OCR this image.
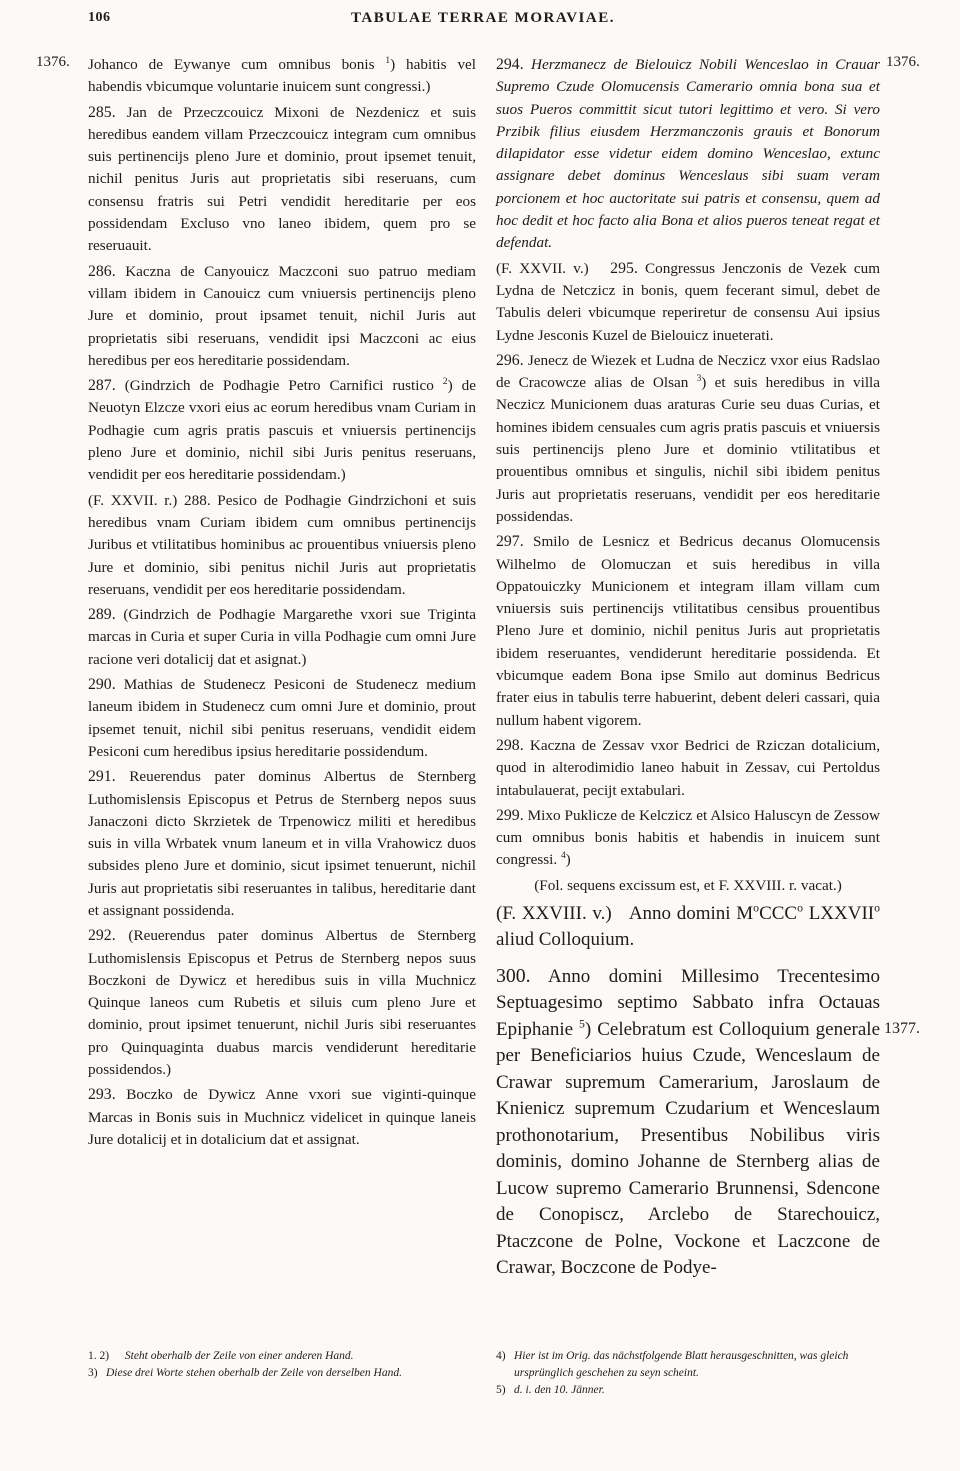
106	TABULAE TERRAE MORAVIAE.
1376.	1376.
1377.

Johanco de Eywanye cum omnibus bonis $^1$) habitis vel habendis vbicumque voluntarie inuicem sunt congressi.)

285. Jan de Przeczcouicz Mixoni de Nezdenicz et suis heredibus eandem villam Przeczcouicz integram cum omnibus suis pertinencijs pleno Jure et dominio, prout ipsemet tenuit, nichil penitus Juris aut proprietatis sibi reseruans, cum consensu fratris sui Petri vendidit hereditarie per eos possidendam Exclusо vno laneo ibidem, quem pro se reseruauit.

286. Kaczna de Canyouicz Maczconi suo patruo mediam villam ibidem in Canouicz cum vniuersis pertinencijs pleno Jure et dominio, prout ipsamet tenuit, nichil Juris aut proprietatis sibi reseruans, vendidit ipsi Maczconi ac eius heredibus per eos hereditarie possidendam.

287. (Gindrzich de Podhagie Petro Carnifici rustico $^2$) de Neuotyn Elzcze vxori eius ac eorum heredibus vnam Curiam in Podhagie cum agris pratis pascuis et vniuersis pertinencijs pleno Jure et dominio, nichil sibi Juris penitus reseruans, vendidit per eos hereditarie possidendam.)

(F. XXVII. r.) 288. Pesico de Podhagie Gindrzichoni et suis heredibus vnam Curiam ibidem cum omnibus pertinencijs Juribus et vtilitatibus hominibus ac prouentibus vniuersis pleno Jure et dominio, sibi penitus nichil Juris aut proprietatis reseruans, vendidit per eos hereditarie possidendam.

289. (Gindrzich de Podhagie Margarethe vxori sue Triginta marcas in Curia et super Curia in villa Podhagie cum omni Jure racione veri dotalicij dat et asignat.)

290. Mathias de Studenecz Pesiconi de Studenecz medium laneum ibidem in Studenecz cum omni Jure et dominio, prout ipsemet tenuit, nichil sibi penitus reseruans, vendidit eidem Pesiconi cum heredibus ipsius hereditarie possidendum.

291. Reuerendus pater dominus Albertus de Sternberg Luthomislensis Episcopus et Petrus de Sternberg nepos suus Janaczoni dicto Skrzietek de Trpenowicz militi et heredibus suis in villa Wrbatek vnum laneum et in villa Vrahowicz duos subsides pleno Jure et dominio, sicut ipsimet tenuerunt, nichil Juris aut proprietatis sibi reseruantes in talibus, hereditarie dant et assignant possidenda.

292. (Reuerendus pater dominus Albertus de Sternberg Luthomislensis Episcopus et Petrus de Sternberg nepos suus Boczkoni de Dywicz et heredibus suis in villa Muchnicz Quinque laneos cum Rubetis et siluis cum pleno Jure et dominio, prout ipsimet tenuerunt, nichil Juris sibi reseruantes pro Quinquaginta duabus marcis vendiderunt hereditarie possidendos.)

293. Boczko de Dywicz Anne vxori sue viginti-quinque Marcas in Bonis suis in Muchnicz videlicet in quinque laneis Jure dotalicij et in dotalicium dat et assignat.

294. Herzmanecz de Bielouicz Nobili Wenceslao in Crauar Supremo Czude Olomucensis Camerario omnia bona sua et suos Pueros committit sicut tutori legittimo et vero. Si vero Przibik filius eiusdem Herzmanczonis grauis et Bonorum dilapidator esse videtur eidem domino Wenceslao, extunc assignare debet dominus Wenceslaus sibi suam veram porcionem et hoc auctoritate sui patris et consensu, quem ad hoc dedit et hoc facto alia Bona et alios pueros teneat regat et defendat.

(F. XXVII. v.) 295. Congressus Jenczonis de Vezek cum Lydna de Netczicz in bonis, quem fecerant simul, debet de Tabulis deleri vbicumque reperiretur de consensu Aui ipsius Lydne Jesconis Kuzel de Bielouicz inueterati.

296. Jenecz de Wiezek et Ludna de Neczicz vxor eius Radslao de Cracowcze alias de Olsan $^3$) et suis heredibus in villa Neczicz Municionem duas araturas Curie seu duas Curias, et homines ibidem censuales cum agris pratis pascuis et vniuersis suis pertinencijs pleno Jure et dominio vtilitatibus et prouentibus omnibus et singulis, nichil sibi ibidem penitus Juris aut proprietatis reseruans, vendidit per eos hereditarie possidendas.

297. Smilo de Lesnicz et Bedricus decanus Olomucensis Wilhelmo de Olomuczan et suis heredibus in villa Oppatouiczky Municionem et integram illam villam cum vniuersis suis pertinencijs vtilitatibus censibus prouentibus Pleno Jure et dominio, nichil penitus Juris aut proprietatis ibidem reseruantes, vendiderunt hereditarie possidenda. Et vbicumque eadem Bona ipse Smilo aut dominus Bedricus frater eius in tabulis terre habuerint, debent deleri cassari, quia nullum habent vigorem.

298. Kaczna de Zessav vxor Bedrici de Rziczan dotalicium, quod in alterodimidio laneo habuit in Zessav, cui Pertoldus intabulauerat, pecijt extabulari.

299. Mixo Puklicze de Kelczicz et Alsico Haluscyn de Zessow cum omnibus bonis habitis et habendis in inuicem sunt congressi. $^4$)

(Fol. sequens excissum est, et F. XXVIII. r. vacat.)

(F. XXVIII. v.) Anno domini $M^oCCC^o$ LXXVII$^o$ aliud Colloquium.

300. Anno domini Millesimo Trecentesimo Septuagesimo septimo Sabbato infra Octauas Epiphanie $^5$) Celebratum est Colloquium generale per Beneficiarios huius Czude, Wenceslaum de Crawar supremum Camerarium, Jaroslaum de Knienicz supremum Czudarium et Wenceslaum prothonotarium, Presentibus Nobilibus viris dominis, domino Johanne de Sternberg alias de Lucow supremo Camerario Brunnensi, Sdencone de Conopiscz, Arclebo de Starechouicz, Ptaczcone de Polne, Vockone et Laczcone de Crawar, Boczcone de Podye-

1. 2) Steht oberhalb der Zeile von einer anderen Hand.
3) Diese drei Worte stehen oberhalb der Zeile von derselben Hand.
4) Hier ist im Orig. das nächstfolgende Blatt herausgeschnitten, was gleich ursprünglich geschehen zu seyn scheint.
5) d. i. den 10. Jänner.
